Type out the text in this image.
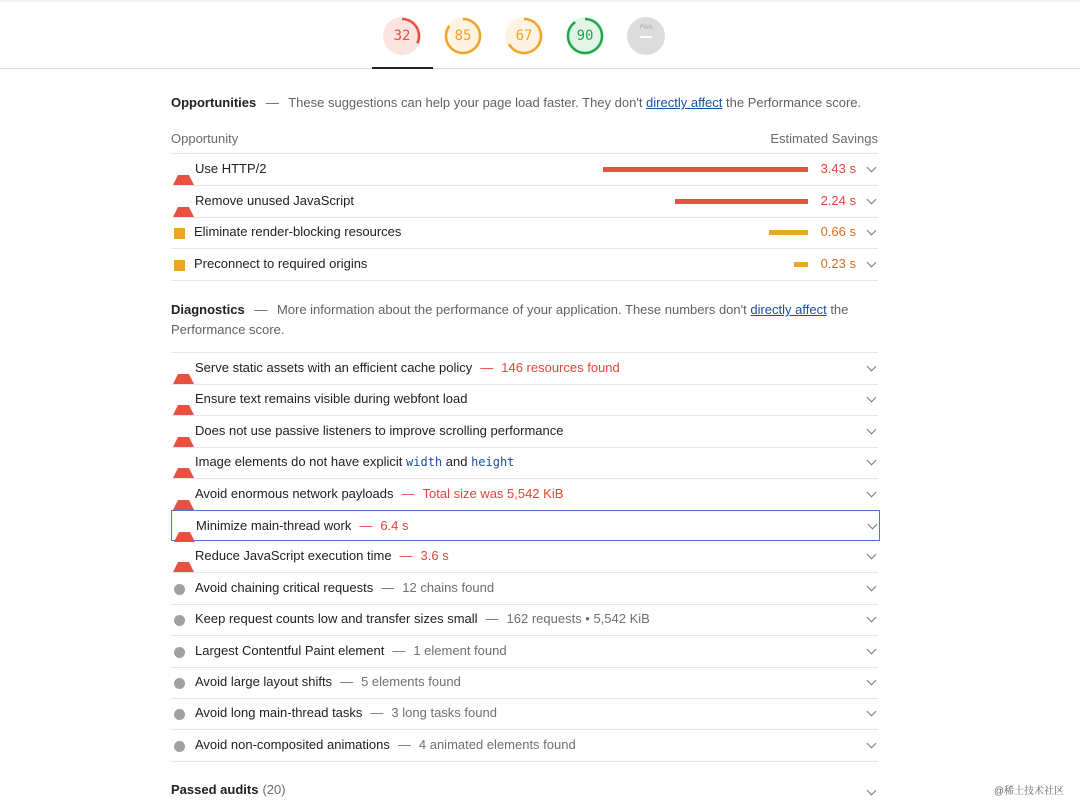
32	85	67	90
PWA
Opportunities — These suggestions can help your page load faster. They don't directly affect the Performance score.
Opportunity	Estimated Savings
Use HTTP/2	3.43 s
Remove unused JavaScript	2.24 s
Eliminate render-blocking resources	0.66 s
Preconnect to required origins	0.23 s
Diagnostics — More information about the performance of your application. These numbers don't directly affect the Performance score.
Serve static assets with an efficient cache policy — 146 resources found
Ensure text remains visible during webfont load
Does not use passive listeners to improve scrolling performance
Image elements do not have explicit width and height
Avoid enormous network payloads — Total size was 5,542 KiB
Minimize main-thread work — 6.4 s
Reduce JavaScript execution time — 3.6 s
Avoid chaining critical requests — 12 chains found
Keep request counts low and transfer sizes small — 162 requests • 5,542 KiB
Largest Contentful Paint element — 1 element found
Avoid large layout shifts — 5 elements found
Avoid long main-thread tasks — 3 long tasks found
Avoid non-composited animations — 4 animated elements found
Passed audits (20)	@稀土技术社区
